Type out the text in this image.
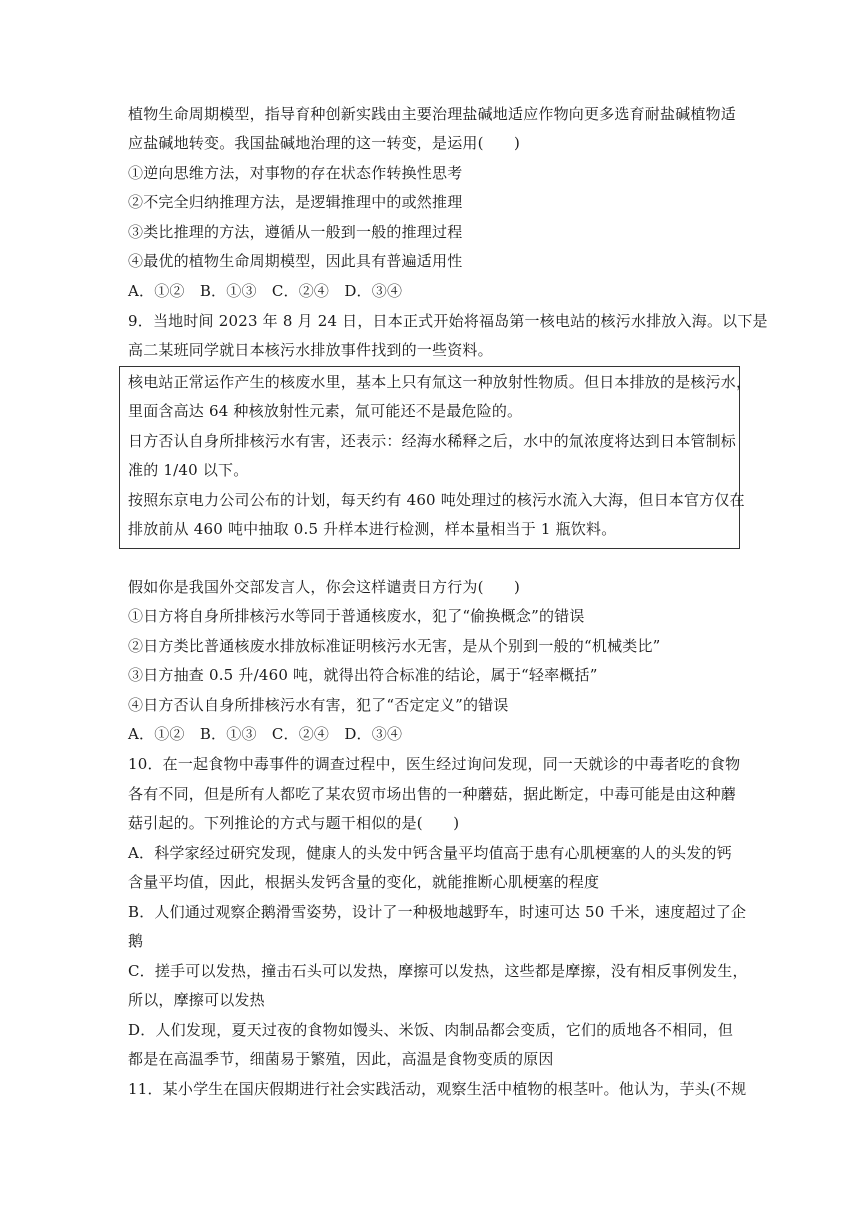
植物生命周期模型，指导育种创新实践由主要治理盐碱地适应作物向更多选育耐盐碱植物适
应盐碱地转变。我国盐碱地治理的这一转变，是运用(　　)
①逆向思维方法，对事物的存在状态作转换性思考
②不完全归纳推理方法，是逻辑推理中的或然推理
③类比推理的方法，遵循从一般到一般的推理过程
④最优的植物生命周期模型，因此具有普遍适用性
A．①②　B．①③　C．②④　D．③④
9．当地时间 2023 年 8 月 24 日，日本正式开始将福岛第一核电站的核污水排放入海。以下是
高二某班同学就日本核污水排放事件找到的一些资料。
核电站正常运作产生的核废水里，基本上只有氚这一种放射性物质。但日本排放的是核污水，
里面含高达 64 种核放射性元素，氚可能还不是最危险的。
日方否认自身所排核污水有害，还表示：经海水稀释之后，水中的氚浓度将达到日本管制标
准的 1/40 以下。
按照东京电力公司公布的计划，每天约有 460 吨处理过的核污水流入大海，但日本官方仅在
排放前从 460 吨中抽取 0.5 升样本进行检测，样本量相当于 1 瓶饮料。
假如你是我国外交部发言人，你会这样谴责日方行为(　　)
①日方将自身所排核污水等同于普通核废水，犯了“偷换概念”的错误
②日方类比普通核废水排放标准证明核污水无害，是从个别到一般的“机械类比”
③日方抽查 0.5 升/460 吨，就得出符合标准的结论，属于“轻率概括”
④日方否认自身所排核污水有害，犯了“否定定义”的错误
A．①②　B．①③　C．②④　D．③④
10．在一起食物中毒事件的调查过程中，医生经过询问发现，同一天就诊的中毒者吃的食物
各有不同，但是所有人都吃了某农贸市场出售的一种蘑菇，据此断定，中毒可能是由这种蘑
菇引起的。下列推论的方式与题干相似的是(　　)
A．科学家经过研究发现，健康人的头发中钙含量平均值高于患有心肌梗塞的人的头发的钙
含量平均值，因此，根据头发钙含量的变化，就能推断心肌梗塞的程度
B．人们通过观察企鹅滑雪姿势，设计了一种极地越野车，时速可达 50 千米，速度超过了企
鹅
C．搓手可以发热，撞击石头可以发热，摩擦可以发热，这些都是摩擦，没有相反事例发生，
所以，摩擦可以发热
D．人们发现，夏天过夜的食物如馒头、米饭、肉制品都会变质，它们的质地各不相同，但
都是在高温季节，细菌易于繁殖，因此，高温是食物变质的原因
11．某小学生在国庆假期进行社会实践活动，观察生活中植物的根茎叶。他认为，芋头(不规
